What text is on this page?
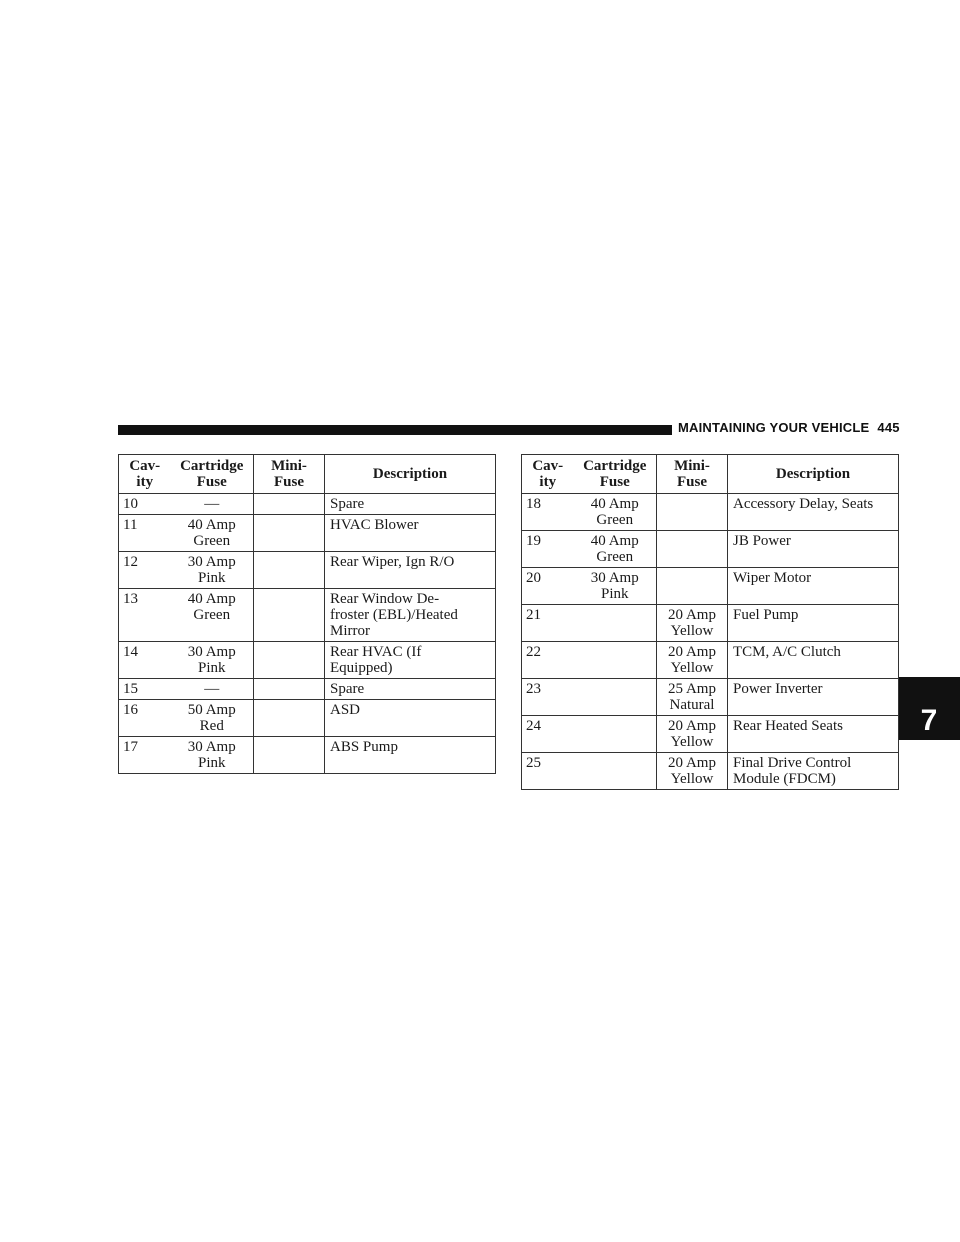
MAINTAINING YOUR VEHICLE 445
7
Cav-
ity	Cartridge
Fuse	Mini-Fuse	Description
10	—		Spare

11	40 Amp
Green		HVAC Blower

12	30 Amp
Pink		Rear Wiper, Ign R/O

13	40 Amp
Green		Rear Window De-
froster (EBL)/Heated
Mirror

14	30 Amp
Pink		Rear HVAC (If
Equipped)

15	—		Spare

16	50 Amp
Red		ASD

17	30 Amp
Pink		ABS Pump
Cav-
ity	Cartridge
Fuse	Mini-Fuse	Description
18	40 Amp
Green		Accessory Delay, Seats

19	40 Amp
Green		JB Power

20	30 Amp
Pink		Wiper Motor

21		20 Amp
Yellow	Fuel Pump

22		20 Amp
Yellow	TCM, A/C Clutch

23		25 Amp
Natural	Power Inverter

24		20 Amp
Yellow	Rear Heated Seats

25		20 Amp
Yellow	Final Drive Control
Module (FDCM)
